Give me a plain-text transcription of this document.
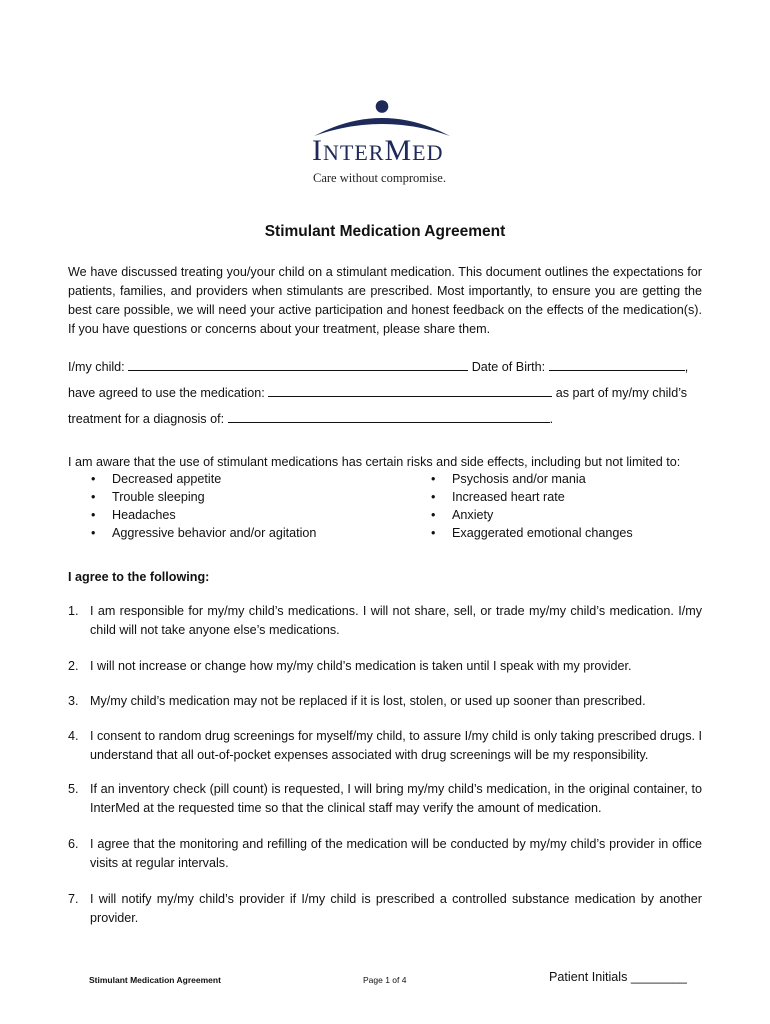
INTERMED
Care without compromise.
Stimulant Medication Agreement
We have discussed treating you/your child on a stimulant medication. This document outlines the expectations for patients, families, and providers when stimulants are prescribed. Most importantly, to ensure you are getting the best care possible, we will need your active participation and honest feedback on the effects of the medication(s). If you have questions or concerns about your treatment, please share them.
I/my child:	Date of Birth:	,
have agreed to use the medication:	as part of my/my child’s
treatment for a diagnosis of:	.
I am aware that the use of stimulant medications has certain risks and side effects, including but not limited to:
• Decreased appetite
• Trouble sleeping
• Headaches
• Aggressive behavior and/or agitation
• Psychosis and/or mania
• Increased heart rate
• Anxiety
• Exaggerated emotional changes
I agree to the following:
1. I am responsible for my/my child’s medications. I will not share, sell, or trade my/my child’s medication. I/my child will not take anyone else’s medications.
2. I will not increase or change how my/my child’s medication is taken until I speak with my provider.
3. My/my child’s medication may not be replaced if it is lost, stolen, or used up sooner than prescribed.
4. I consent to random drug screenings for myself/my child, to assure I/my child is only taking prescribed drugs. I understand that all out-of-pocket expenses associated with drug screenings will be my responsibility.
5. If an inventory check (pill count) is requested, I will bring my/my child’s medication, in the original container, to InterMed at the requested time so that the clinical staff may verify the amount of medication.
6. I agree that the monitoring and refilling of the medication will be conducted by my/my child’s provider in office visits at regular intervals.
7. I will notify my/my child’s provider if I/my child is prescribed a controlled substance medication by another provider.
Stimulant Medication Agreement	Page 1 of 4	Patient Initials ________
